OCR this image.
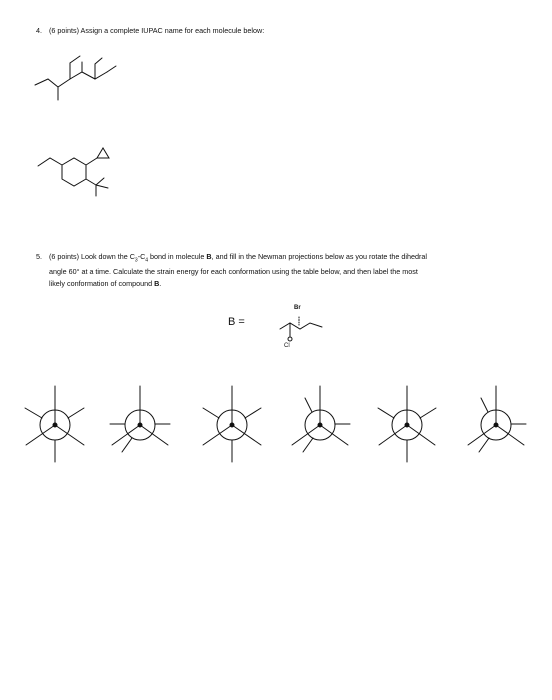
4. (6 points) Assign a complete IUPAC name for each molecule below:
5. (6 points) Look down the $C_3-C_4$ bond in molecule B, and fill in the Newman projections below as you rotate the dihedral
angle 60° at a time. Calculate the strain energy for each conformation using the table below, and then label the most
likely conformation of compound B.
B =
Br
Cl
